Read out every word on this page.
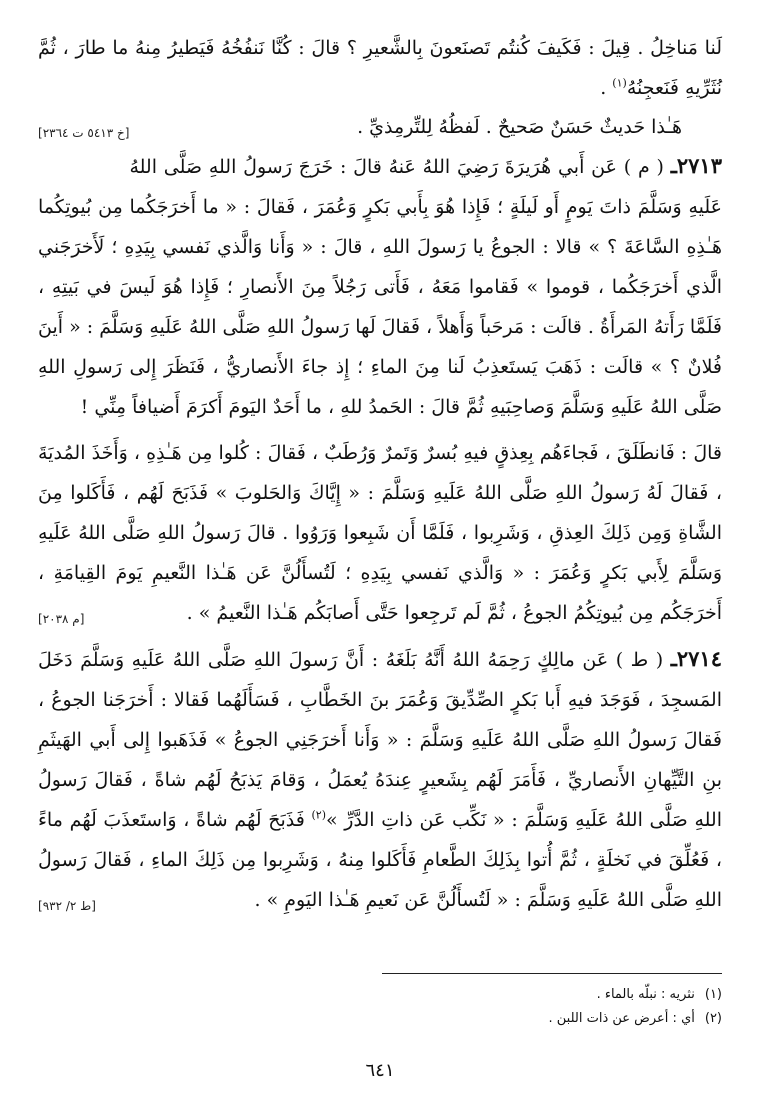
لَنا مَناخِلُ . قِيلَ : فَكَيفَ كُنتُم تَصنَعونَ بِالشَّعيرِ ؟ قالَ : كُنَّا نَنفُخُهُ فَيَطيرُ مِنهُ ما طارَ ، ثُمَّ نُثَرِّيهِ فَنَعجِنُهُ$^{(١)}$ .

هَـٰذا حَديثٌ حَسَنٌ صَحيحٌ . لَفظُهُ لِلتِّرمِذيِّ .
[خ ٥٤١٣ ت ٢٣٦٤]

٢٧١٣ـ ( م ) عَن أَبي هُرَيرَةَ رَضِيَ اللهُ عَنهُ قالَ : خَرَجَ رَسولُ اللهِ صَلَّى اللهُ عَلَيهِ وَسَلَّمَ ذاتَ يَومٍ أَو لَيلَةٍ ؛ فَإِذا هُوَ بِأَبي بَكرٍ وَعُمَرَ ، فَقالَ : « ما أَخرَجَكُما مِن بُيوتِكُما هَـٰذِهِ السَّاعَةَ ؟ » قالا : الجوعُ يا رَسولَ اللهِ ، قالَ : « وَأَنا وَالَّذي نَفسي بِيَدِهِ ؛ لَأَخرَجَني الَّذي أَخرَجَكُما ، قوموا » فَقاموا مَعَهُ ، فَأَتى رَجُلاً مِنَ الأَنصارِ ؛ فَإِذا هُوَ لَيسَ في بَيتِهِ ، فَلَمَّا رَأَتهُ المَرأَةُ . قالَت : مَرحَباً وَأَهلاً ، فَقالَ لَها رَسولُ اللهِ صَلَّى اللهُ عَلَيهِ وَسَلَّمَ : « أَينَ فُلانٌ ؟ » قالَت : ذَهَبَ يَستَعذِبُ لَنا مِنَ الماءِ ؛ إِذ جاءَ الأَنصاريُّ ، فَنَظَرَ إِلى رَسولِ اللهِ صَلَّى اللهُ عَلَيهِ وَسَلَّمَ وَصاحِبَيهِ ثُمَّ قالَ : الحَمدُ للهِ ، ما أَحَدٌ اليَومَ أَكرَمَ أَضيافاً مِنِّي !

قالَ : فَانطَلَقَ ، فَجاءَهُم بِعِذقٍ فيهِ بُسرٌ وَتَمرٌ وَرُطَبٌ ، فَقالَ : كُلوا مِن هَـٰذِهِ ، وَأَخَذَ المُديَةَ ، فَقالَ لَهُ رَسولُ اللهِ صَلَّى اللهُ عَلَيهِ وَسَلَّمَ : « إِيَّاكَ وَالحَلوبَ » فَذَبَحَ لَهُم ، فَأَكَلوا مِنَ الشَّاةِ وَمِن ذَلِكَ العِذقِ ، وَشَرِبوا ، فَلَمَّا أَن شَبِعوا وَرَوُوا . قالَ رَسولُ اللهِ صَلَّى اللهُ عَلَيهِ وَسَلَّمَ لِأَبي بَكرٍ وَعُمَرَ : « وَالَّذي نَفسي بِيَدِهِ ؛ لَتُسأَلُنَّ عَن هَـٰذا النَّعيمِ يَومَ القِيامَةِ ، أَخرَجَكُم مِن بُيوتِكُمُ الجوعُ ، ثُمَّ لَم تَرجِعوا حَتَّى أَصابَكُم هَـٰذا النَّعيمُ » .
[م ٢٠٣٨]

٢٧١٤ـ ( ط ) عَن مالِكٍ رَحِمَهُ اللهُ أَنَّهُ بَلَغَهُ : أَنَّ رَسولَ اللهِ صَلَّى اللهُ عَلَيهِ وَسَلَّمَ دَخَلَ المَسجِدَ ، فَوَجَدَ فيهِ أَبا بَكرٍ الصِّدِّيقَ وَعُمَرَ بنَ الخَطَّابِ ، فَسَأَلَهُما فَقالا : أَخرَجَنا الجوعُ ، فَقالَ رَسولُ اللهِ صَلَّى اللهُ عَلَيهِ وَسَلَّمَ : « وَأَنا أَخرَجَنِي الجوعُ » فَذَهَبوا إِلى أَبي الهَيثَمِ بنِ التَّيِّهانِ الأَنصاريِّ ، فَأَمَرَ لَهُم بِشَعيرٍ عِندَهُ يُعمَلُ ، وَقامَ يَذبَحُ لَهُم شاةً ، فَقالَ رَسولُ اللهِ صَلَّى اللهُ عَلَيهِ وَسَلَّمَ : « نَكِّب عَن ذاتِ الدَّرِّ »$^{(٢)}$ فَذَبَحَ لَهُم شاةً ، وَاستَعذَبَ لَهُم ماءً ، فَعُلِّقَ في نَخلَةٍ ، ثُمَّ أُتوا بِذَلِكَ الطَّعامِ فَأَكَلوا مِنهُ ، وَشَرِبوا مِن ذَلِكَ الماءِ ، فَقالَ رَسولُ اللهِ صَلَّى اللهُ عَلَيهِ وَسَلَّمَ : « لَتُسأَلُنَّ عَن نَعيمِ هَـٰذا اليَومِ » .
[ط ٢/ ٩٣٢]

(١)نثريه : نبلّه بالماء .
(٢)أي : أعرض عن ذات اللبن .
٦٤١
